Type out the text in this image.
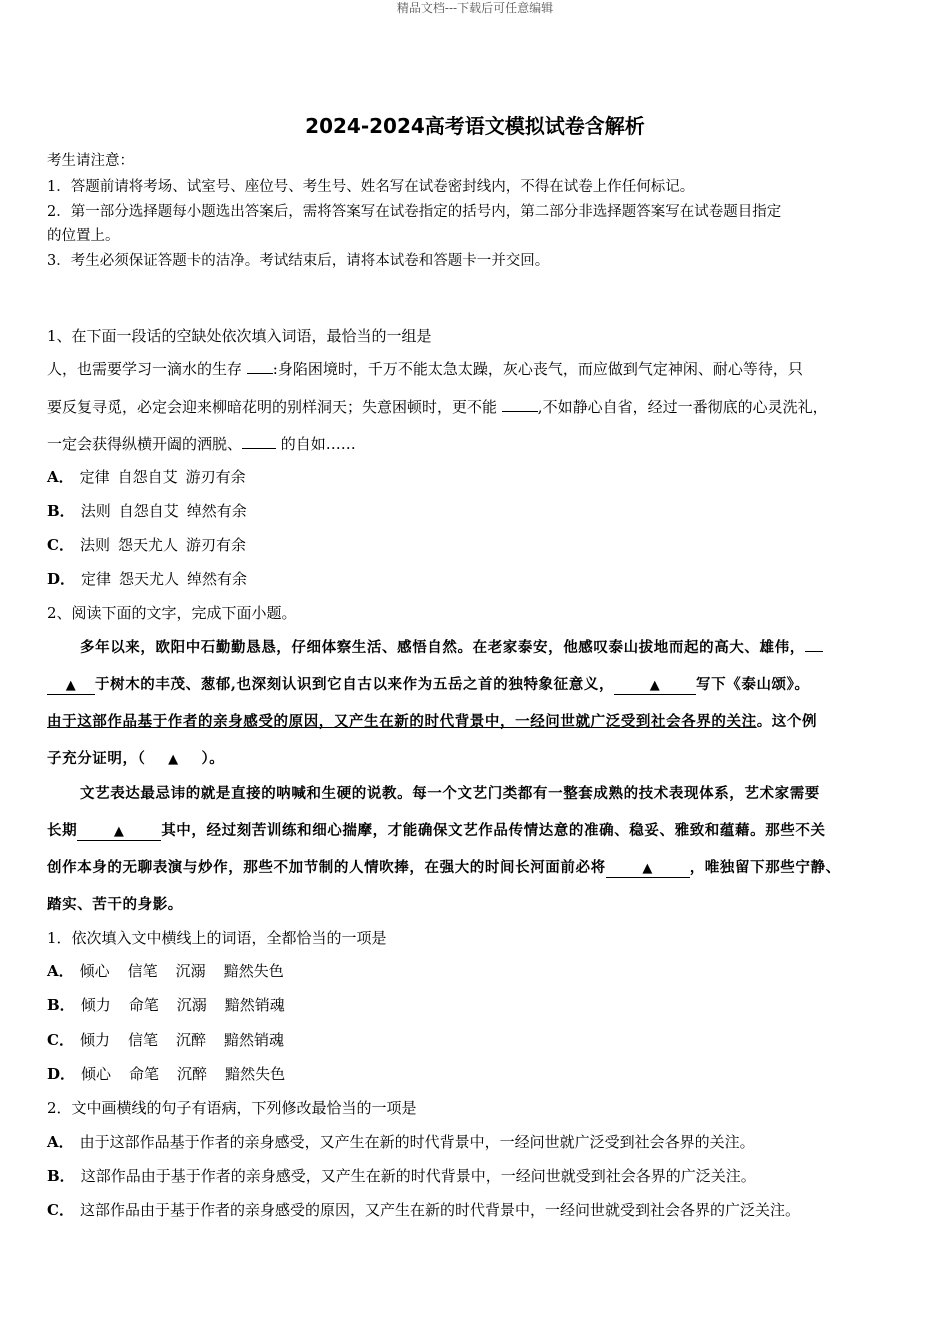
精品文档---下载后可任意编辑
2024-2024高考语文模拟试卷含解析
考生请注意：
1．答题前请将考场、试室号、座位号、考生号、姓名写在试卷密封线内，不得在试卷上作任何标记。
2．第一部分选择题每小题选出答案后，需将答案写在试卷指定的括号内，第二部分非选择题答案写在试卷题目指定
的位置上。
3．考生必须保证答题卡的洁净。考试结束后，请将本试卷和答题卡一并交回。
1、在下面一段话的空缺处依次填入词语，最恰当的一组是
人，也需要学习一滴水的生存 :身陷困境时，千万不能太急太躁，灰心丧气，而应做到气定神闲、耐心等待，只
要反复寻觅，必定会迎来柳暗花明的别样洞天；失意困顿时，更不能	,不如静心自省，经过一番彻底的心灵洗礼，
一定会获得纵横开阖的洒脱、	的自如……
A． 定律 自怨自艾 游刃有余
B． 法则 自怨自艾 绰然有余
C． 法则 怨天尤人 游刃有余
D． 定律 怨天尤人 绰然有余
2、阅读下面的文字，完成下面小题。
多年以来，欧阳中石勤勤恳恳，仔细体察生活、感悟自然。在老家泰安，他感叹泰山拔地而起的高大、雄伟，
▲ 于树木的丰茂、葱郁,也深刻认识到它自古以来作为五岳之首的独特象征意义，	▲ 写下《泰山颂》。
由于这部作品基于作者的亲身感受的原因，又产生在新的时代背景中，一经问世就广泛受到社会各界的关注。这个例
子充分证明，（ ▲ ）。
文艺表达最忌讳的就是直接的呐喊和生硬的说教。每一个文艺门类都有一整套成熟的技术表现体系，艺术家需要
长期	▲	其中，经过刻苦训练和细心揣摩，才能确保文艺作品传情达意的准确、稳妥、雅致和蕴藉。那些不关
创作本身的无聊表演与炒作，那些不加节制的人情吹捧，在强大的时间长河面前必将	▲	，唯独留下那些宁静、
踏实、苦干的身影。
1．依次填入文中横线上的词语，全都恰当的一项是
A． 倾心 信笔 沉溺 黯然失色
B． 倾力 命笔 沉溺 黯然销魂
C． 倾力 信笔 沉醉 黯然销魂
D． 倾心 命笔 沉醉 黯然失色
2．文中画横线的句子有语病，下列修改最恰当的一项是
A． 由于这部作品基于作者的亲身感受，又产生在新的时代背景中，一经问世就广泛受到社会各界的关注。
B． 这部作品由于基于作者的亲身感受，又产生在新的时代背景中，一经问世就受到社会各界的广泛关注。
C． 这部作品由于基于作者的亲身感受的原因，又产生在新的时代背景中，一经问世就受到社会各界的广泛关注。
